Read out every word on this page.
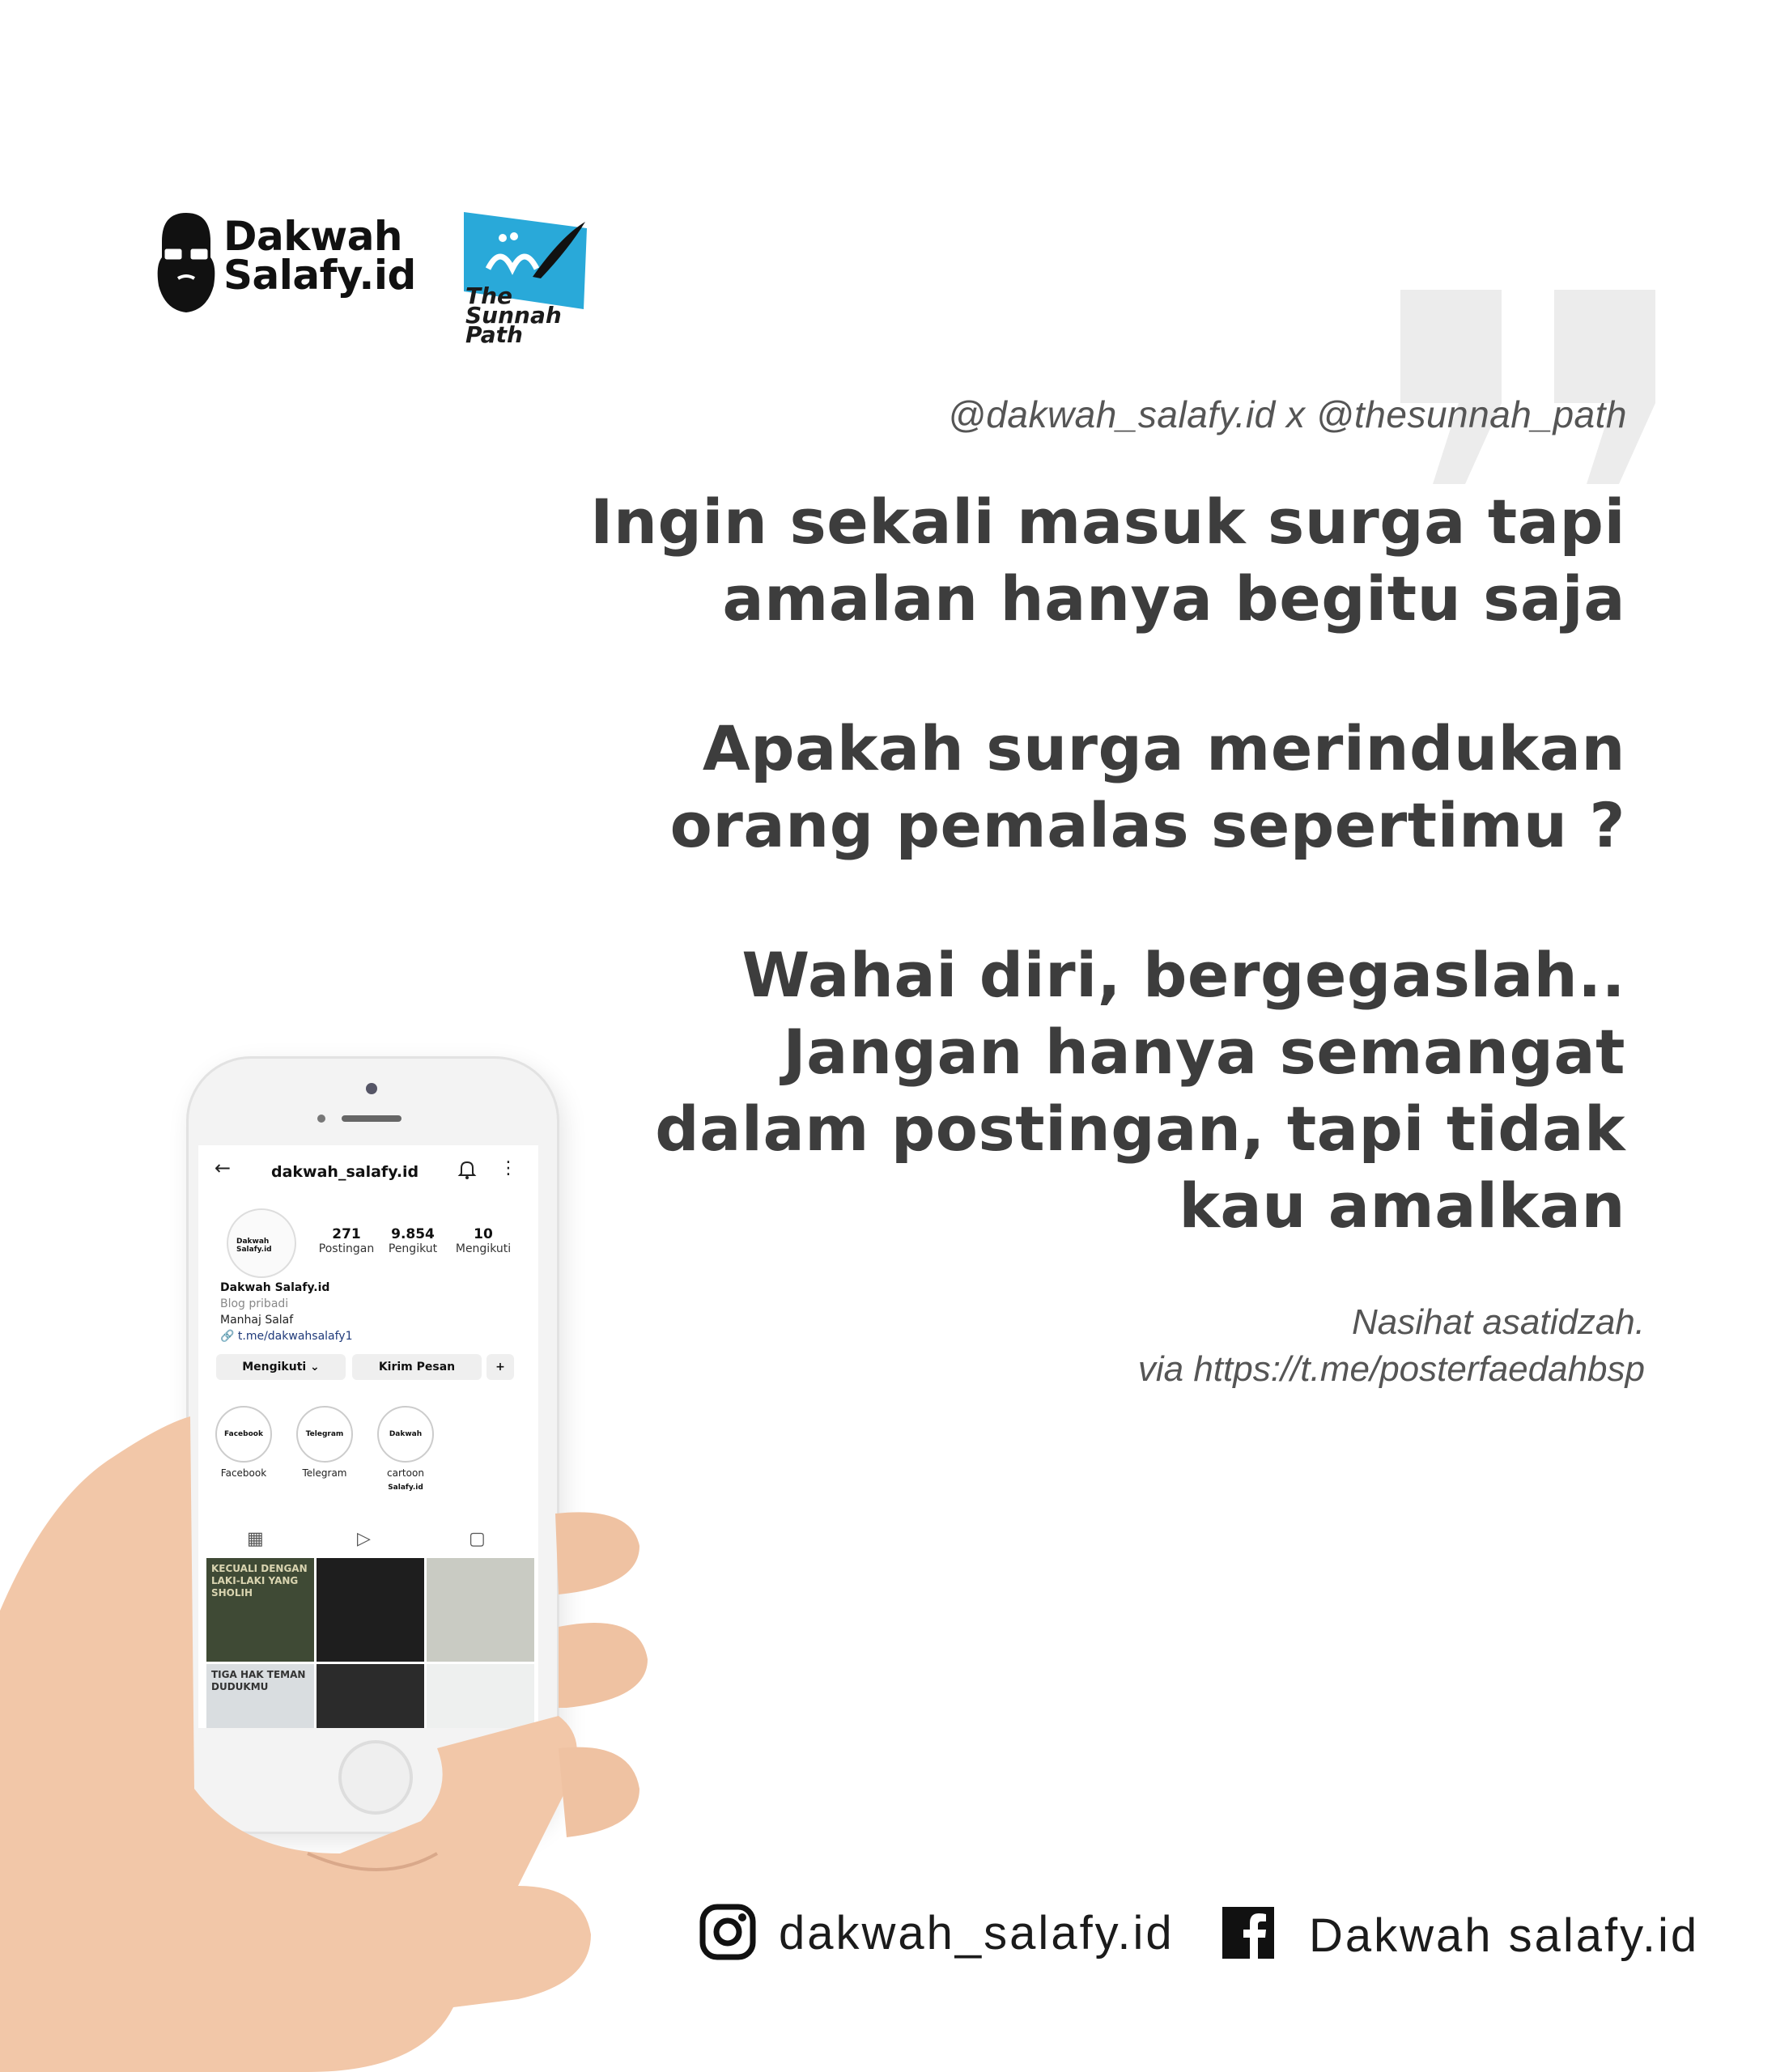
Dakwah
Salafy.id The
Sunnah
Path
@dakwah_salafy.id x @thesunnah_path
Ingin sekali masuk surga tapi
amalan hanya begitu saja
Apakah surga merindukan
orang pemalas sepertimu ?
Wahai diri, bergegaslah..
Jangan hanya semangat
dalam postingan, tapi tidak
kau amalkan
Nasihat asatidzah.
via https://t.me/posterfaedahbsp
←	dakwah_salafy.id	⋮
Dakwah Salafy.id
271
Postingan
9.854
Pengikut
10
Mengikuti
Dakwah Salafy.id
Blog pribadi
Manhaj Salaf
🔗 t.me/dakwahsalafy1
Mengikuti ⌄	Kirim Pesan	+
Facebook
Facebook
Telegram
Telegram
Dakwah Salafy.id
cartoon
▦	▷	▢
KECUALI DENGAN LAKI-LAKI YANG SHOLIH
TIGA HAK TEMAN DUDUKMU
dakwah_salafy.id	Dakwah salafy.id
